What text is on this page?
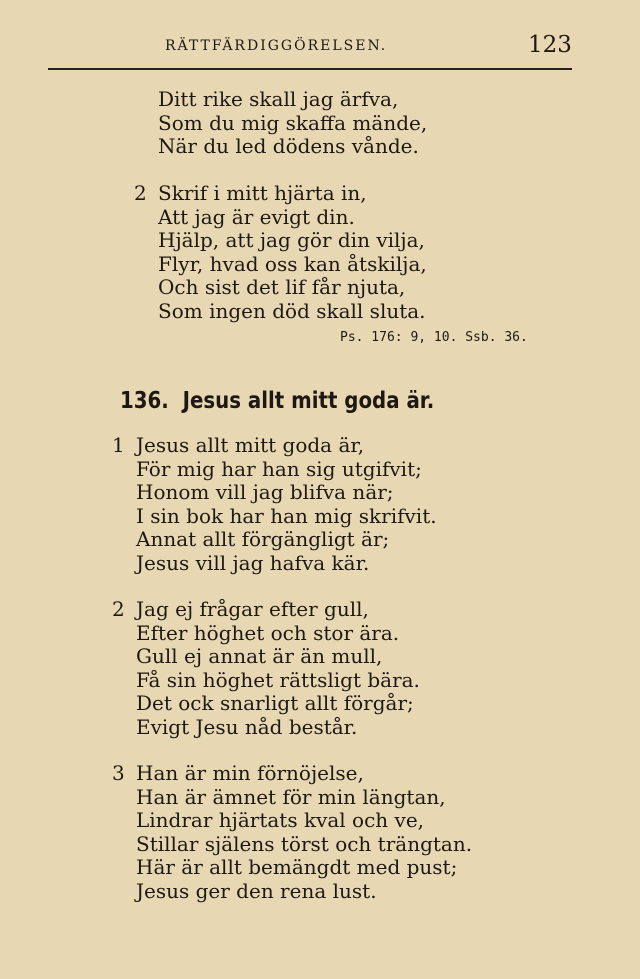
RÄTTFÄRDIGGÖRELSEN.	123
Ditt rike skall jag ärfva,
Som du mig skaffa mände,
När du led dödens vånde.
2 Skrif i mitt hjärta in,
Att jag är evigt din.
Hjälp, att jag gör din vilja,
Flyr, hvad oss kan åtskilja,
Och sist det lif får njuta,
Som ingen död skall sluta.
Ps. 176: 9, 10. Ssb. 36.
136. Jesus allt mitt goda är.
1 Jesus allt mitt goda är,
För mig har han sig utgifvit;
Honom vill jag blifva när;
I sin bok har han mig skrifvit.
Annat allt förgängligt är;
Jesus vill jag hafva kär.
2 Jag ej frågar efter gull,
Efter höghet och stor ära.
Gull ej annat är än mull,
Få sin höghet rättsligt bära.
Det ock snarligt allt förgår;
Evigt Jesu nåd består.
3 Han är min förnöjelse,
Han är ämnet för min längtan,
Lindrar hjärtats kval och ve,
Stillar själens törst och trängtan.
Här är allt bemängdt med pust;
Jesus ger den rena lust.
